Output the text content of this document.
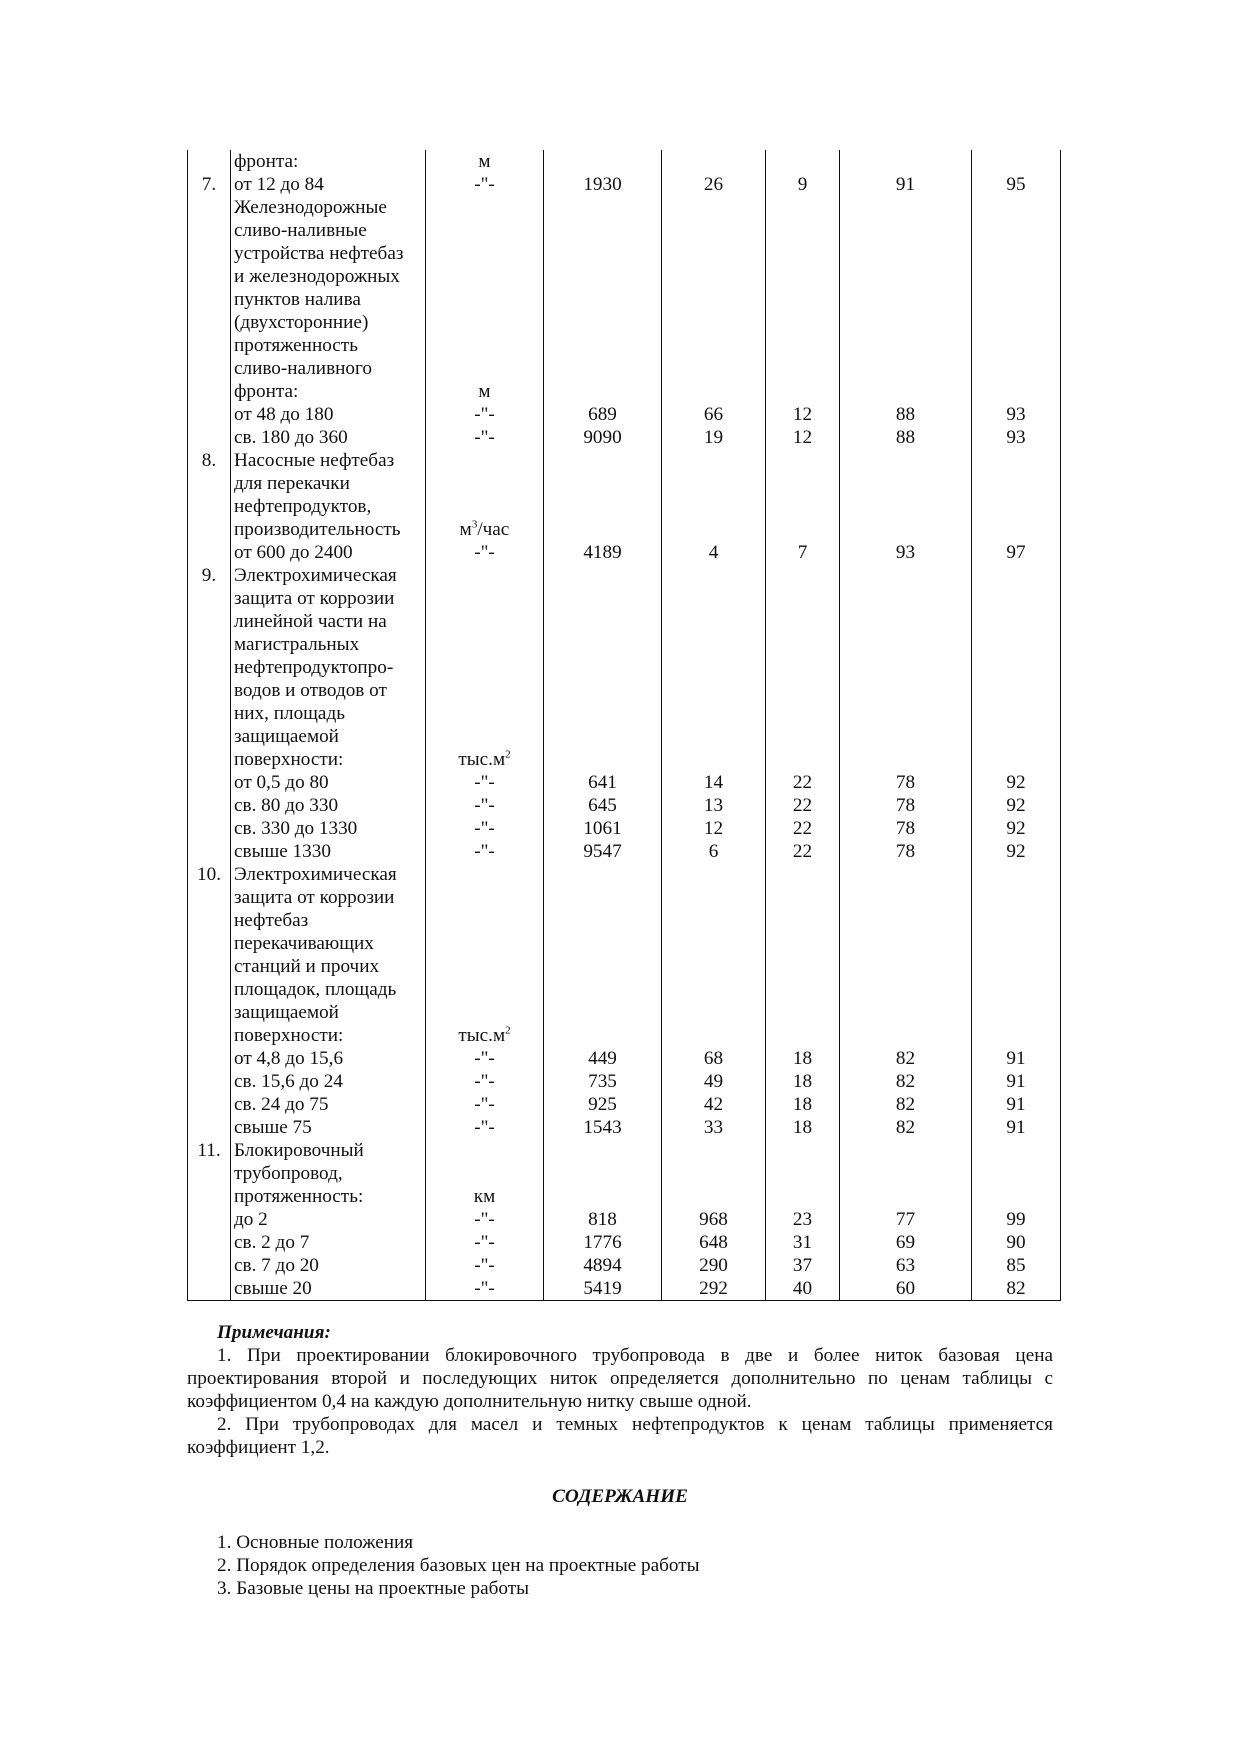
	фронта:	м					
7.	от 12 до 84	-"-	1930	26	9	91	95
	Железнодорожные						
	сливо-наливные						
	устройства нефтебаз						
	и железнодорожных						
	пунктов налива						
	(двухсторонние)						
	протяженность						
	сливо-наливного						
	фронта:	м					
	от 48 до 180	-"-	689	66	12	88	93
	св. 180 до 360	-"-	9090	19	12	88	93
8.	Насосные нефтебаз						
	для перекачки						
	нефтепродуктов,						
	производительность	$м^3$/час					
	от 600 до 2400	-"-	4189	4	7	93	97
9.	Электрохимическая						
	защита от коррозии						
	линейной части на						
	магистральных						
	нефтепродуктопро-						
	водов и отводов от						
	них, площадь						
	защищаемой						
	поверхности:	$тыс.м^2$					
	от 0,5 до 80	-"-	641	14	22	78	92
	св. 80 до 330	-"-	645	13	22	78	92
	св. 330 до 1330	-"-	1061	12	22	78	92
	свыше 1330	-"-	9547	6	22	78	92
10.	Электрохимическая						
	защита от коррозии						
	нефтебаз						
	перекачивающих						
	станций и прочих						
	площадок, площадь						
	защищаемой						
	поверхности:	$тыс.м^2$					
	от 4,8 до 15,6	-"-	449	68	18	82	91
	св. 15,6 до 24	-"-	735	49	18	82	91
	св. 24 до 75	-"-	925	42	18	82	91
	свыше 75	-"-	1543	33	18	82	91
11.	Блокировочный						
	трубопровод,						
	протяженность:	км					
	до 2	-"-	818	968	23	77	99
	св. 2 до 7	-"-	1776	648	31	69	90
	св. 7 до 20	-"-	4894	290	37	63	85
	свыше 20	-"-	5419	292	40	60	82

Примечания:

1. При проектировании блокировочного трубопровода в две и более ниток базовая цена проектирования второй и последующих ниток определяется дополнительно по ценам таблицы с коэффициентом 0,4 на каждую дополнительную нитку свыше одной.

2. При трубопроводах для масел и темных нефтепродуктов к ценам таблицы применяется коэффициент 1,2.

СОДЕРЖАНИЕ
1. Основные положения
2. Порядок определения базовых цен на проектные работы
3. Базовые цены на проектные работы
